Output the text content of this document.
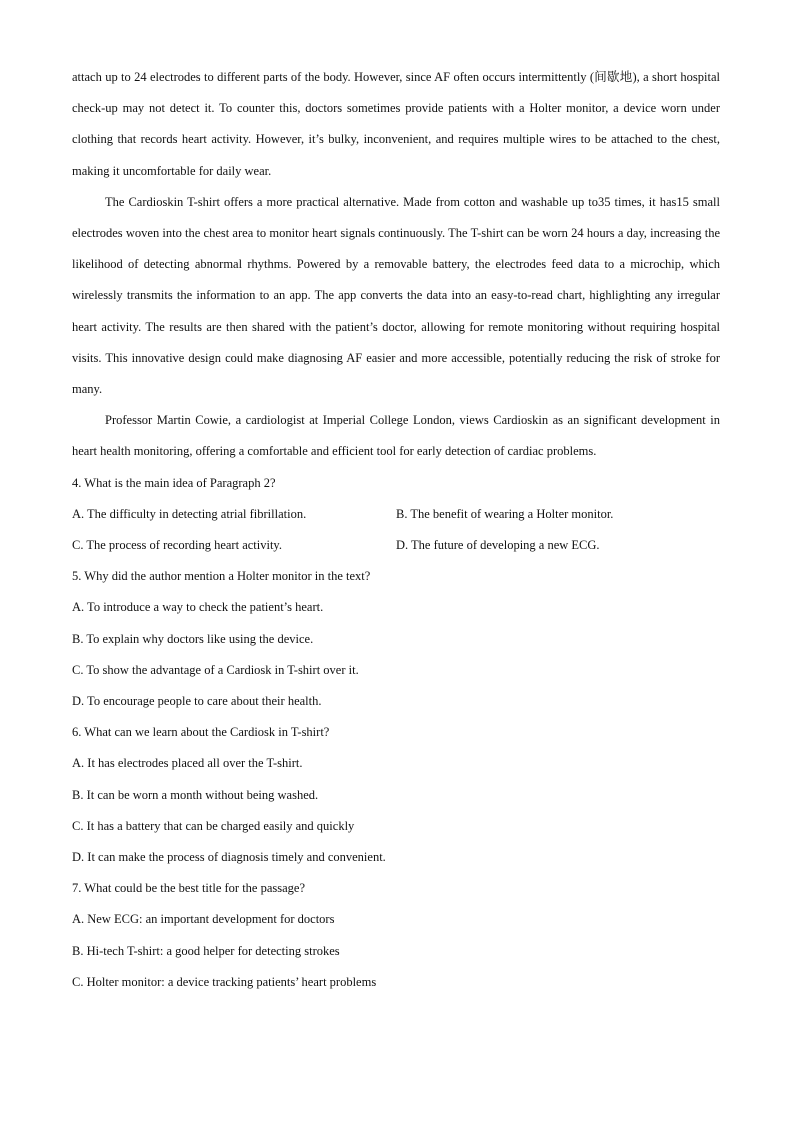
attach up to 24 electrodes to different parts of the body. However, since AF often occurs intermittently (间歇地), a short hospital check-up may not detect it. To counter this, doctors sometimes provide patients with a Holter monitor, a device worn under clothing that records heart activity. However, it’s bulky, inconvenient, and requires multiple wires to be attached to the chest, making it uncomfortable for daily wear.

The Cardioskin T-shirt offers a more practical alternative. Made from cotton and washable up to35 times, it has15 small electrodes woven into the chest area to monitor heart signals continuously. The T-shirt can be worn 24 hours a day, increasing the likelihood of detecting abnormal rhythms. Powered by a removable battery, the electrodes feed data to a microchip, which wirelessly transmits the information to an app. The app converts the data into an easy-to-read chart, highlighting any irregular heart activity. The results are then shared with the patient’s doctor, allowing for remote monitoring without requiring hospital visits. This innovative design could make diagnosing AF easier and more accessible, potentially reducing the risk of stroke for many.

Professor Martin Cowie, a cardiologist at Imperial College London, views Cardioskin as an significant development in heart health monitoring, offering a comfortable and efficient tool for early detection of cardiac problems.

4. What is the main idea of Paragraph 2?

A. The difficulty in detecting atrial fibrillation.	B. The benefit of wearing a Holter monitor.
C. The process of recording heart activity.	D. The future of developing a new ECG.

5. Why did the author mention a Holter monitor in the text?

A. To introduce a way to check the patient’s heart.

B. To explain why doctors like using the device.

C. To show the advantage of a Cardiosk in T-shirt over it.

D. To encourage people to care about their health.

6. What can we learn about the Cardiosk in T-shirt?

A. It has electrodes placed all over the T-shirt.

B. It can be worn a month without being washed.

C. It has a battery that can be charged easily and quickly

D. It can make the process of diagnosis timely and convenient.

7. What could be the best title for the passage?

A. New ECG: an important development for doctors

B. Hi-tech T-shirt: a good helper for detecting strokes

C. Holter monitor: a device tracking patients’ heart problems
